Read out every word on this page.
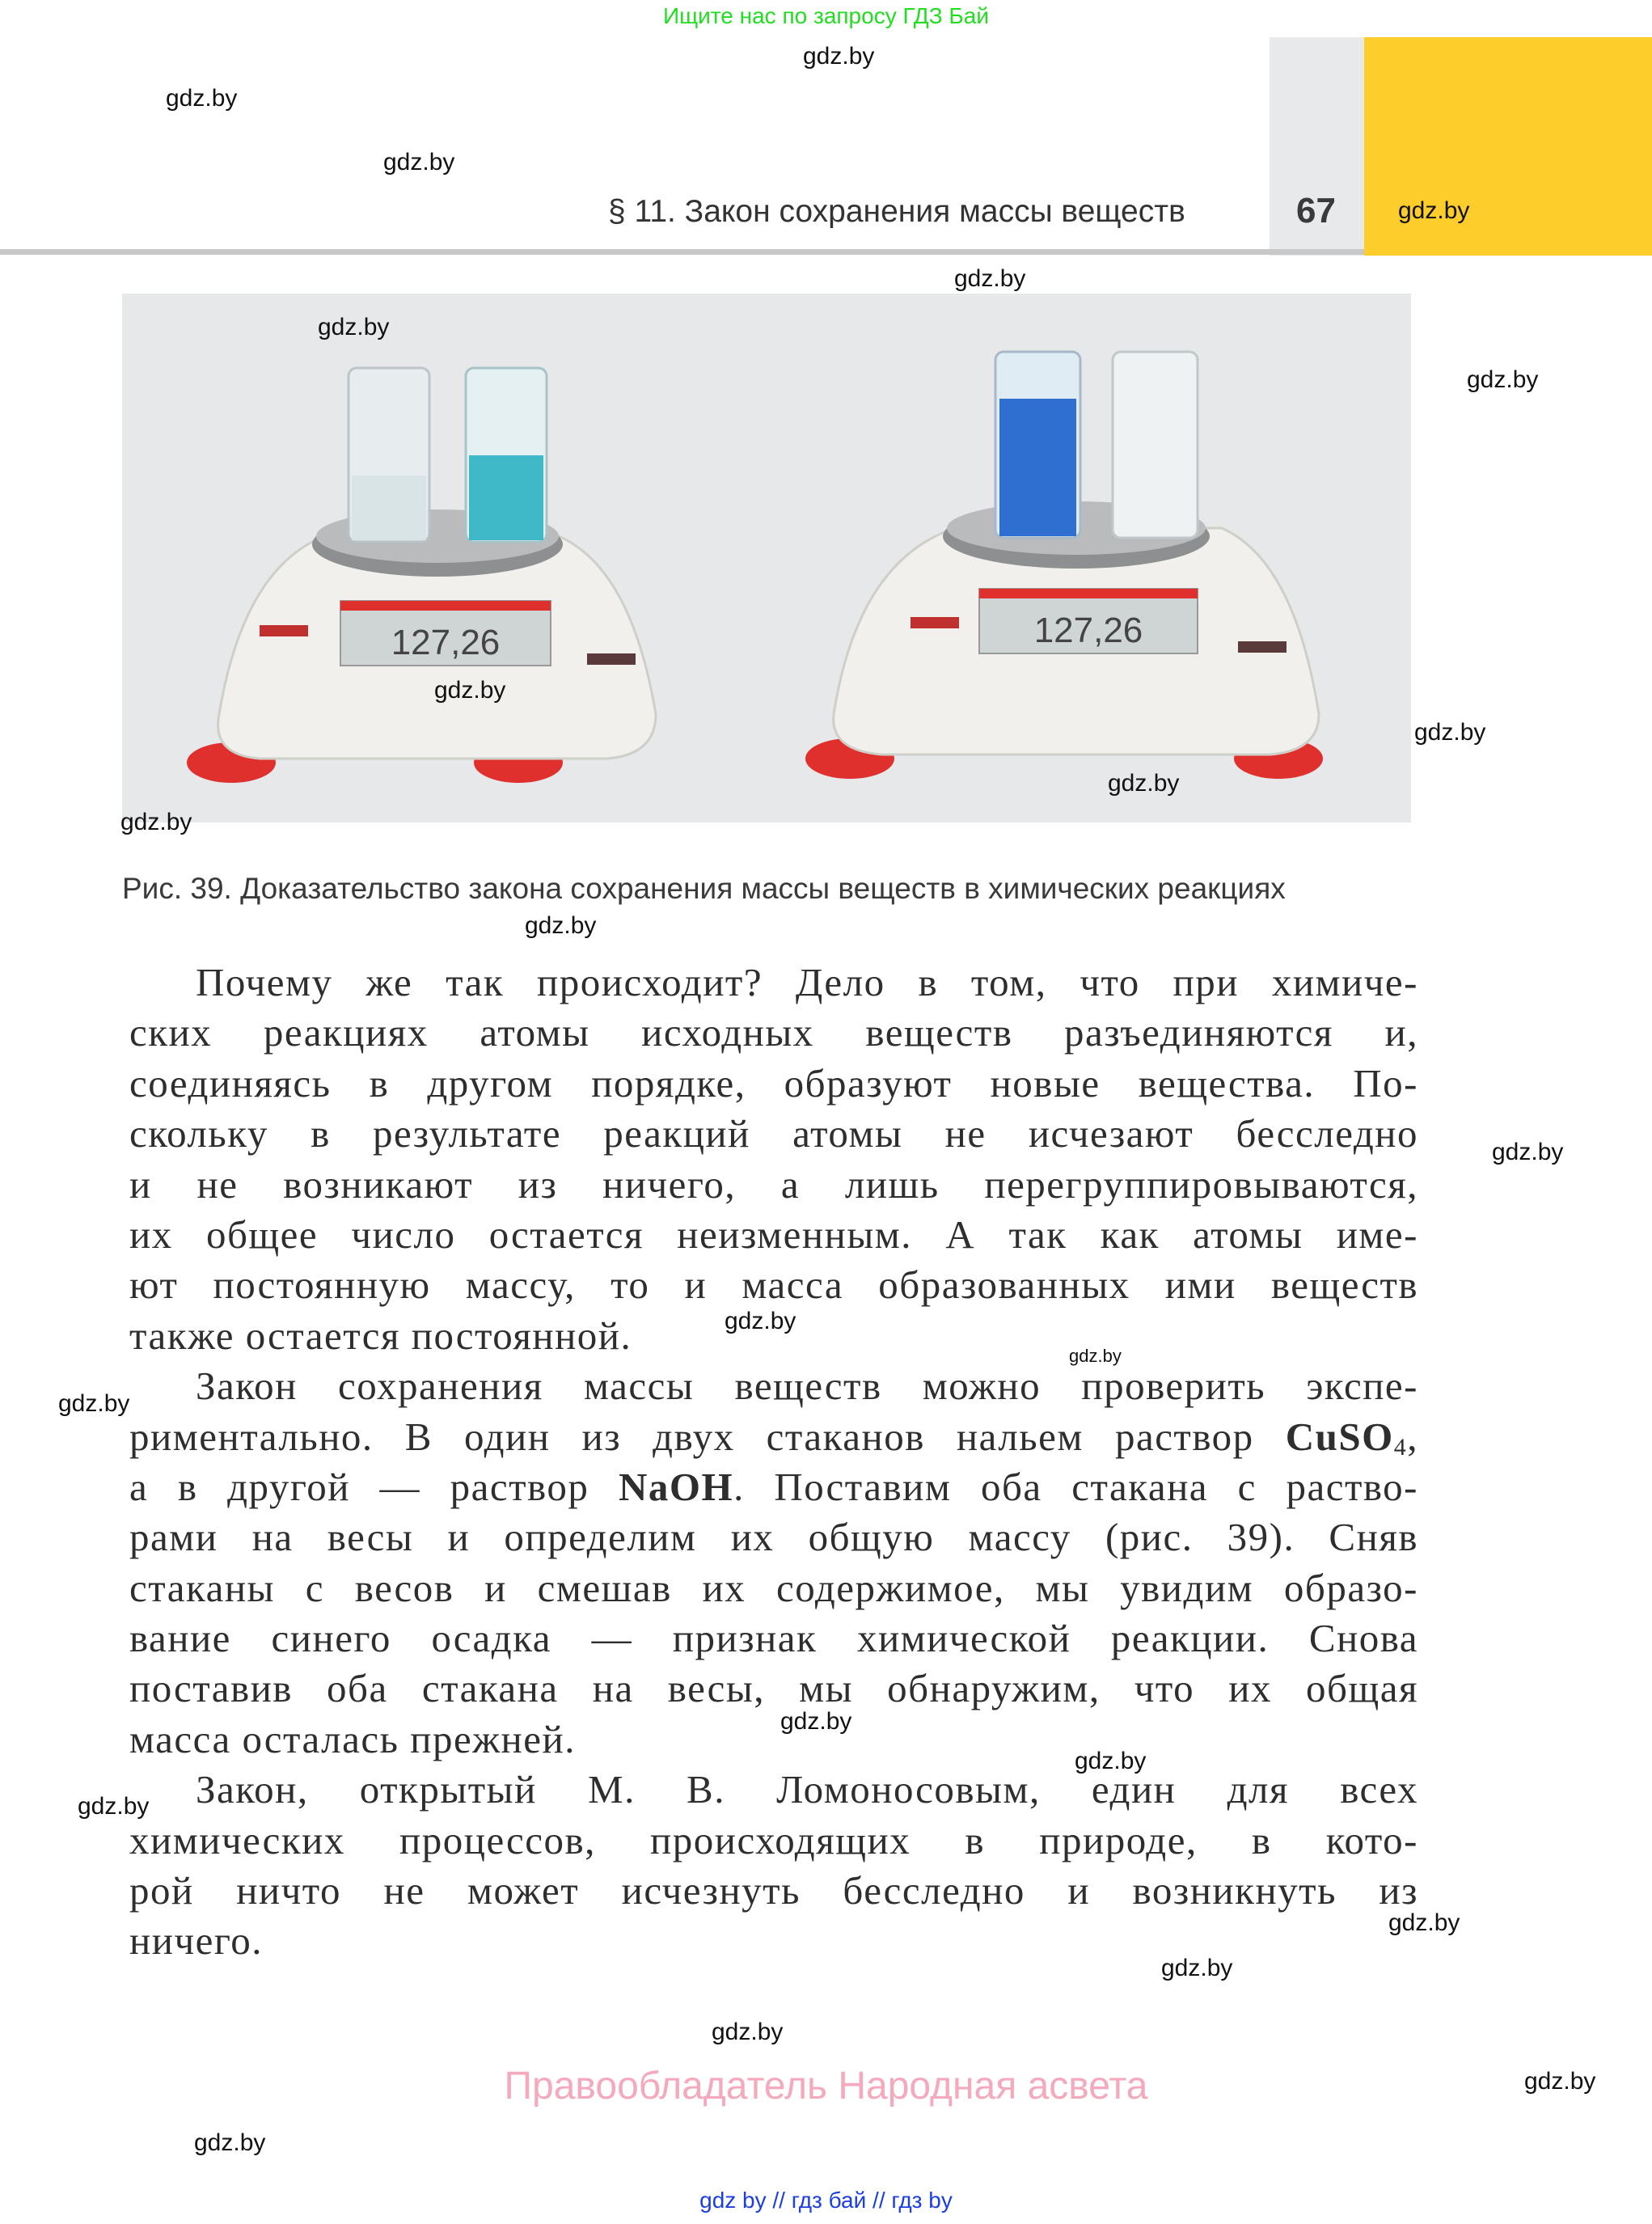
Ищите нас по запросу ГДЗ Бай
§ 11. Закон сохранения массы веществ	67
127,26	127,26
Рис. 39. Доказательство закона сохранения массы веществ в химических реакциях
Почему же так происходит? Дело в том, что при химиче-
ских реакциях атомы исходных веществ разъединяются и,
соединяясь в другом порядке, образуют новые вещества. По-
скольку в результате реакций атомы не исчезают бесследно
и не возникают из ничего, а лишь перегруппировываются,
их общее число остается неизменным. А так как атомы име-
ют постоянную массу, то и масса образованных ими веществ
также остается постоянной.
Закон сохранения массы веществ можно проверить экспе-
риментально. В один из двух стаканов нальем раствор CuSO$_4$,
а в другой — раствор NaOH. Поставим оба стакана с раство-
рами на весы и определим их общую массу (рис. 39). Сняв
стаканы с весов и смешав их содержимое, мы увидим образо-
вание синего осадка — признак химической реакции. Снова
поставив оба стакана на весы, мы обнаружим, что их общая
масса осталась прежней.
Закон, открытый М. В. Ломоносовым, един для всех
химических процессов, происходящих в природе, в кото-
рой ничто не может исчезнуть бесследно и возникнуть из
ничего.
Правообладатель Народная асвета
gdz by // гдз бай // гдз by
gdz.by
gdz.by
gdz.by
gdz.by
gdz.by
gdz.by
gdz.by
gdz.by
gdz.by
gdz.by
gdz.by
gdz.by
gdz.by
gdz.by
gdz.by
gdz.by
gdz.by
gdz.by
gdz.by
gdz.by
gdz.by
gdz.by
gdz.by
gdz.by
